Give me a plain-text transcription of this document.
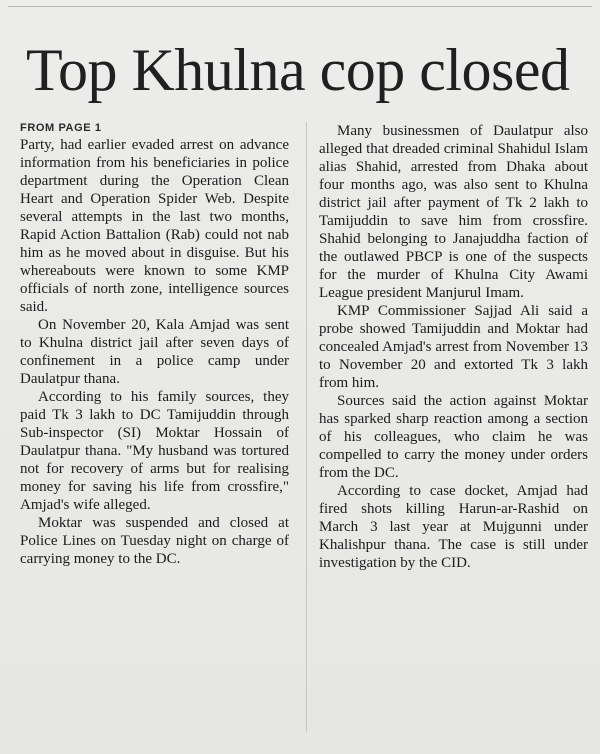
Top Khulna cop closed

FROM PAGE 1

Party, had earlier evaded arrest on advance information from his beneficiaries in police department during the Operation Clean Heart and Operation Spider Web. Despite several attempts in the last two months, Rapid Action Battalion (Rab) could not nab him as he moved about in disguise. But his whereabouts were known to some KMP officials of north zone, intelligence sources said.

On November 20, Kala Amjad was sent to Khulna district jail after seven days of confinement in a police camp under Daulatpur thana.

According to his family sources, they paid Tk 3 lakh to DC Tamijuddin through Sub-inspector (SI) Moktar Hossain of Daulatpur thana. "My husband was tortured not for recovery of arms but for realising money for saving his life from crossfire," Amjad's wife alleged.

Moktar was suspended and closed at Police Lines on Tuesday night on charge of carrying money to the DC.

Many businessmen of Daulatpur also alleged that dreaded criminal Shahidul Islam alias Shahid, arrested from Dhaka about four months ago, was also sent to Khulna district jail after payment of Tk 2 lakh to Tamijuddin to save him from crossfire. Shahid belonging to Janajuddha faction of the outlawed PBCP is one of the suspects for the murder of Khulna City Awami League president Manjurul Imam.

KMP Commissioner Sajjad Ali said a probe showed Tamijuddin and Moktar had concealed Amjad's arrest from November 13 to November 20 and extorted Tk 3 lakh from him.

Sources said the action against Moktar has sparked sharp reaction among a section of his colleagues, who claim he was compelled to carry the money under orders from the DC.

According to case docket, Amjad had fired shots killing Harun-ar-Rashid on March 3 last year at Mujgunni under Khalishpur thana. The case is still under investigation by the CID.
